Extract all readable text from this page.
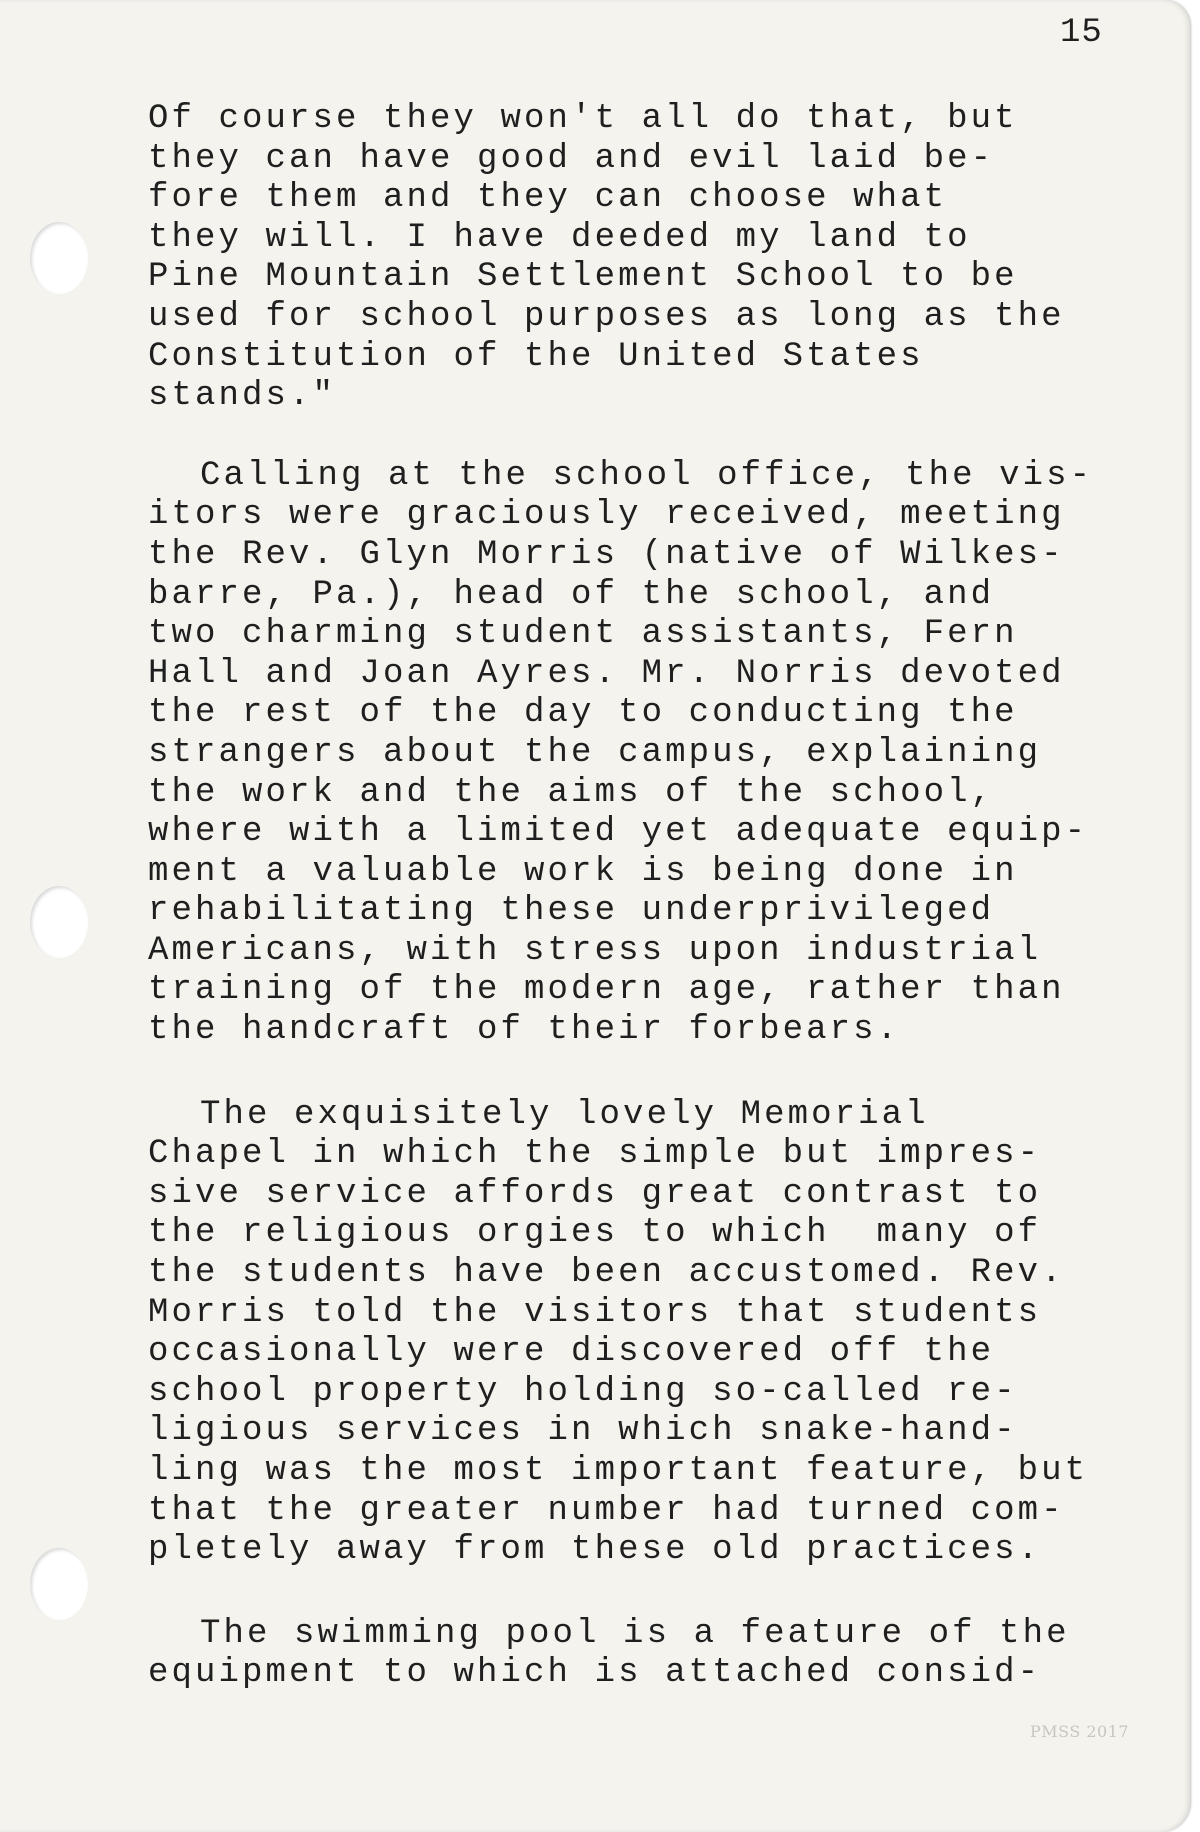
15

Of course they won't all do that, but
they can have good and evil laid be-
fore them and they can choose what
they will. I have deeded my land to
Pine Mountain Settlement School to be
used for school purposes as long as the
Constitution of the United States
stands."

Calling at the school office, the vis-
itors were graciously received, meeting
the Rev. Glyn Morris (native of Wilkes-
barre, Pa.), head of the school, and
two charming student assistants, Fern
Hall and Joan Ayres. Mr. Norris devoted
the rest of the day to conducting the
strangers about the campus, explaining
the work and the aims of the school,
where with a limited yet adequate equip-
ment a valuable work is being done in
rehabilitating these underprivileged
Americans, with stress upon industrial
training of the modern age, rather than
the handcraft of their forbears.

The exquisitely lovely Memorial
Chapel in which the simple but impres-
sive service affords great contrast to
the religious orgies to which  many of
the students have been accustomed. Rev.
Morris told the visitors that students
occasionally were discovered off the
school property holding so-called re-
ligious services in which snake-hand-
ling was the most important feature, but
that the greater number had turned com-
pletely away from these old practices.

The swimming pool is a feature of the
equipment to which is attached consid-

PMSS 2017
